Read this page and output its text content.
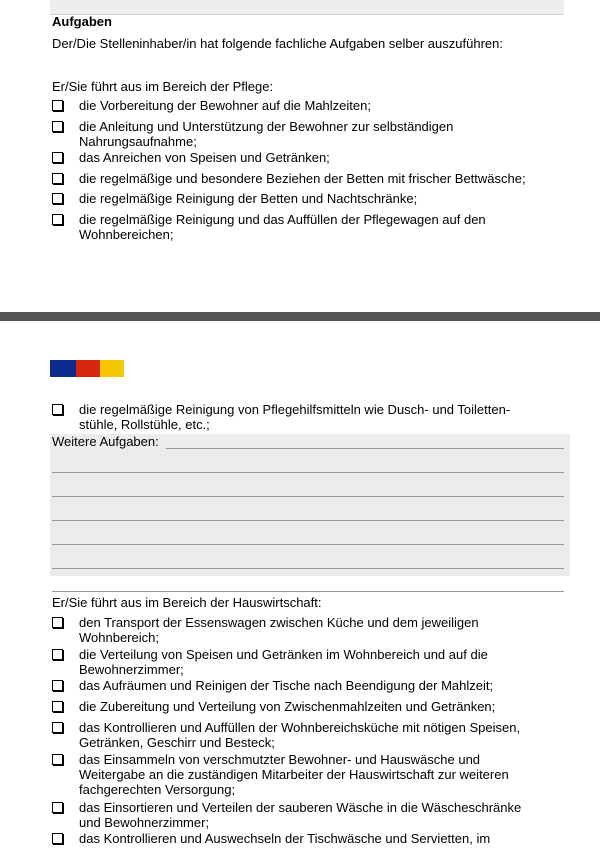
Aufgaben
Der/Die Stelleninhaber/in hat folgende fachliche Aufgaben selber auszuführen:
Er/Sie führt aus im Bereich der Pflege:
die Vorbereitung der Bewohner auf die Mahlzeiten;
die Anleitung und Unterstützung der Bewohner zur selbständigen
Nahrungsaufnahme;
das Anreichen von Speisen und Getränken;
die regelmäßige und besondere Beziehen der Betten mit frischer Bettwäsche;
die regelmäßige Reinigung der Betten und Nachtschränke;
die regelmäßige Reinigung und das Auffüllen der Pflegewagen auf den
Wohnbereichen;
die regelmäßige Reinigung von Pflegehilfsmitteln wie Dusch- und Toiletten-
stühle, Rollstühle, etc.;
Weitere Aufgaben:
Er/Sie führt aus im Bereich der Hauswirtschaft:
den Transport der Essenswagen zwischen Küche und dem jeweiligen
Wohnbereich;
die Verteilung von Speisen und Getränken im Wohnbereich und auf die
Bewohnerzimmer;
das Aufräumen und Reinigen der Tische nach Beendigung der Mahlzeit;
die Zubereitung und Verteilung von Zwischenmahlzeiten und Getränken;
das Kontrollieren und Auffüllen der Wohnbereichsküche mit nötigen Speisen,
Getränken, Geschirr und Besteck;
das Einsammeln von verschmutzter Bewohner- und Hauswäsche und
Weitergabe an die zuständigen Mitarbeiter der Hauswirtschaft zur weiteren
fachgerechten Versorgung;
das Einsortieren und Verteilen der sauberen Wäsche in die Wäscheschränke
und Bewohnerzimmer;
das Kontrollieren und Auswechseln der Tischwäsche und Servietten, im
